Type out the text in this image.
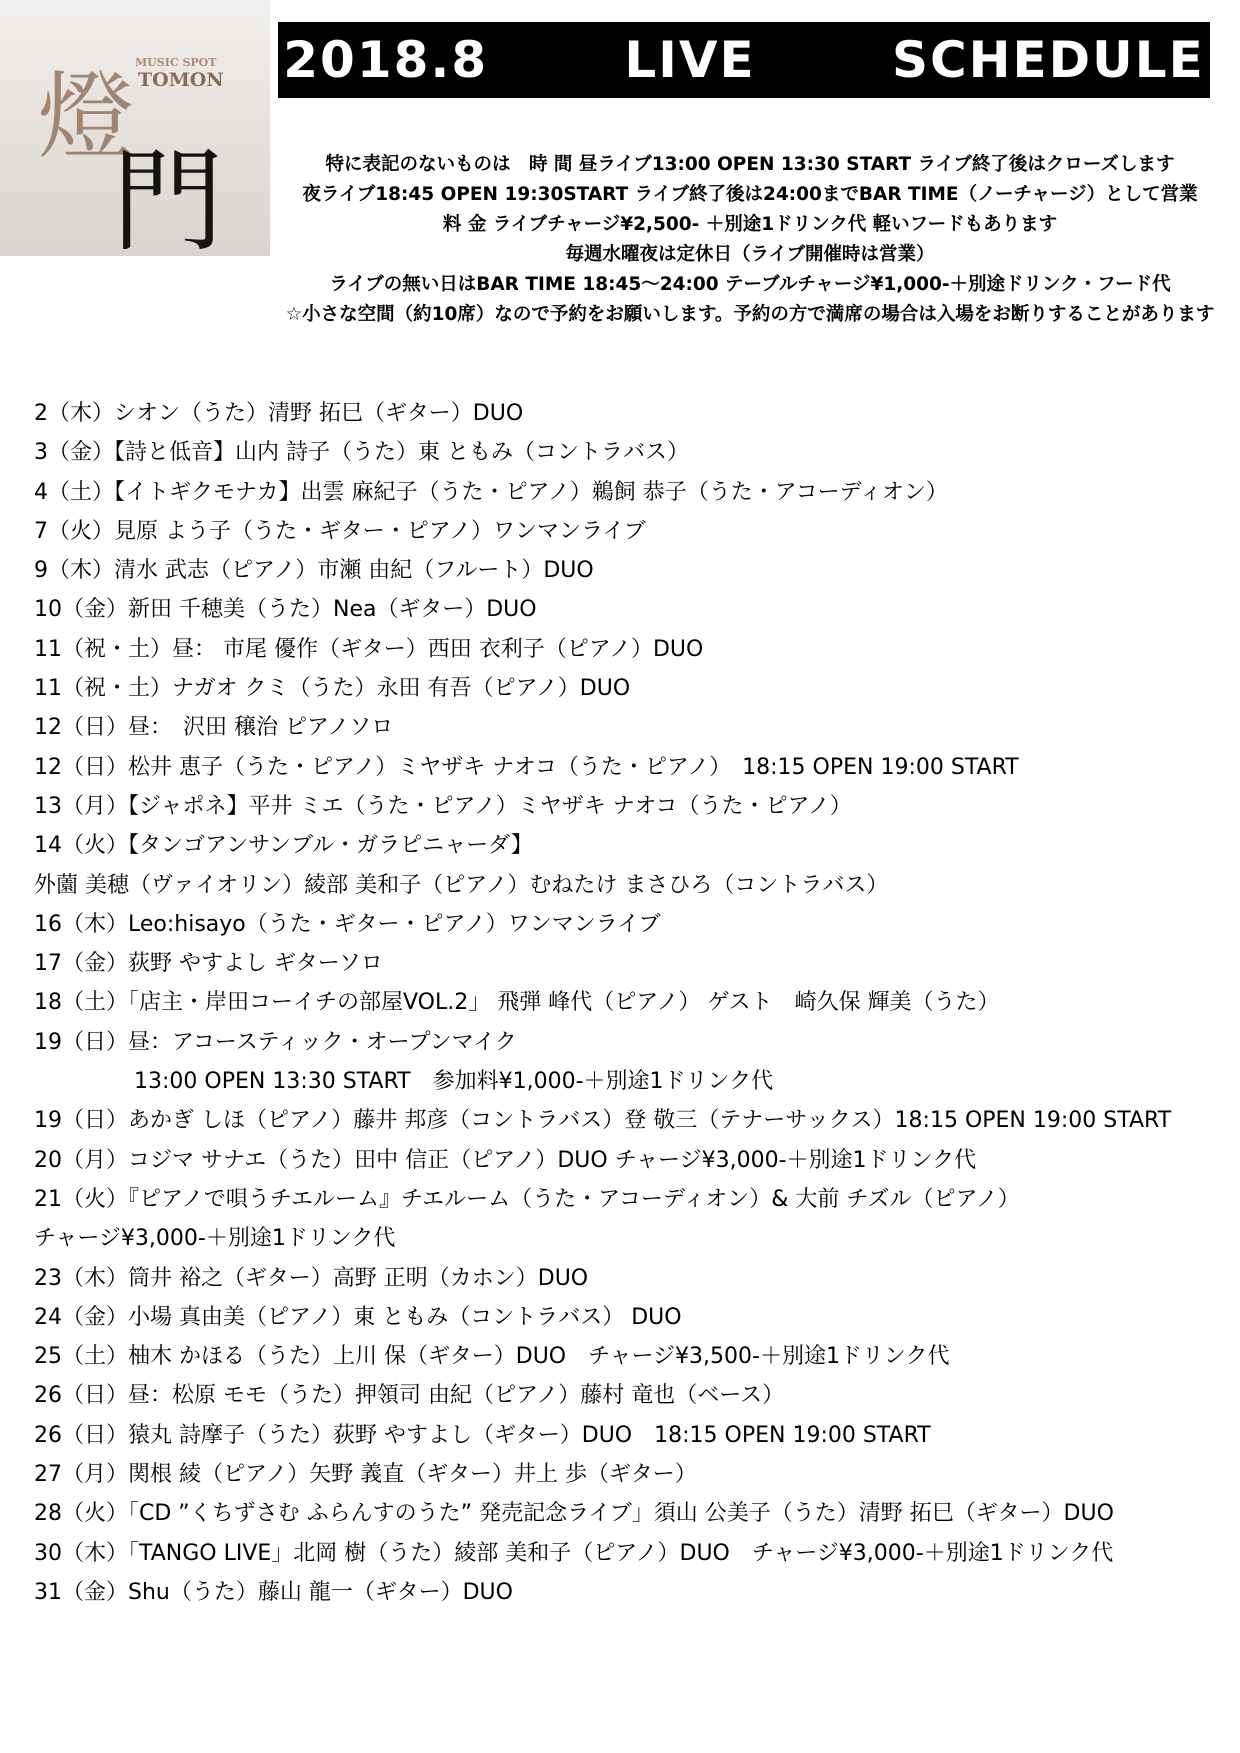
燈 MUSIC SPOT
TOMON
門
2018.8   LIVE   SCHEDULE
特に表記のないものは　時 間 昼ライブ13:00 OPEN 13:30 START ライブ終了後はクローズします
夜ライブ18:45 OPEN 19:30START ライブ終了後は24:00までBAR TIME（ノーチャージ）として営業
料 金 ライブチャージ¥2,500- ＋別途1ドリンク代 軽いフードもあります
毎週水曜夜は定休日（ライブ開催時は営業）
ライブの無い日はBAR TIME 18:45〜24:00 テーブルチャージ¥1,000-＋別途ドリンク・フード代
☆小さな空間（約10席）なので予約をお願いします。予約の方で満席の場合は入場をお断りすることがあります
2（木）シオン（うた）清野 拓巳（ギター）DUO
3（金）【詩と低音】山内 詩子（うた）東 ともみ（コントラバス）
4（土）【イトギクモナカ】出雲 麻紀子（うた・ピアノ）鵜飼 恭子（うた・アコーディオン）
7（火）見原 よう子（うた・ギター・ピアノ）ワンマンライブ
9（木）清水 武志（ピアノ）市瀬 由紀（フルート）DUO
10（金）新田 千穂美（うた）Nea（ギター）DUO
11（祝・土）昼： 市尾 優作（ギター）西田 衣利子（ピアノ）DUO
11（祝・土）ナガオ クミ（うた）永田 有吾（ピアノ）DUO
12（日）昼：　沢田 穣治 ピアノソロ
12（日）松井 恵子（うた・ピアノ）ミヤザキ ナオコ（うた・ピアノ）　18:15 OPEN 19:00 START
13（月）【ジャポネ】平井 ミエ（うた・ピアノ）ミヤザキ ナオコ（うた・ピアノ）
14（火）【タンゴアンサンブル・ガラピニャーダ】
外薗 美穂（ヴァイオリン）綾部 美和子（ピアノ）むねたけ まさひろ（コントラバス）
16（木）Leo:hisayo（うた・ギター・ピアノ）ワンマンライブ
17（金）荻野 やすよし ギターソロ
18（土）「店主・岸田コーイチの部屋VOL.2」 飛弾 峰代（ピアノ） ゲスト　崎久保 輝美（うた）
19（日）昼：アコースティック・オープンマイク
13:00 OPEN 13:30 START　参加料¥1,000-＋別途1ドリンク代
19（日）あかぎ しほ（ピアノ）藤井 邦彦（コントラバス）登 敬三（テナーサックス）18:15 OPEN 19:00 START
20（月）コジマ サナエ（うた）田中 信正（ピアノ）DUO チャージ¥3,000-＋別途1ドリンク代
21（火）『ピアノで唄うチエルーム』チエルーム（うた・アコーディオン）& 大前 チズル（ピアノ）
チャージ¥3,000-＋別途1ドリンク代
23（木）筒井 裕之（ギター）高野 正明（カホン）DUO
24（金）小場 真由美（ピアノ）東 ともみ（コントラバス） DUO
25（土）柚木 かほる（うた）上川 保（ギター）DUO　チャージ¥3,500-＋別途1ドリンク代
26（日）昼：松原 モモ（うた）押領司 由紀（ピアノ）藤村 竜也（ベース）
26（日）猿丸 詩摩子（うた）荻野 やすよし（ギター）DUO　18:15 OPEN 19:00 START
27（月）関根 綾（ピアノ）矢野 義直（ギター）井上 歩（ギター）
28（火）「CD ”くちずさむ ふらんすのうた” 発売記念ライブ」須山 公美子（うた）清野 拓巳（ギター）DUO
30（木）「TANGO LIVE」北岡 樹（うた）綾部 美和子（ピアノ）DUO　チャージ¥3,000-＋別途1ドリンク代
31（金）Shu（うた）藤山 龍一（ギター）DUO
